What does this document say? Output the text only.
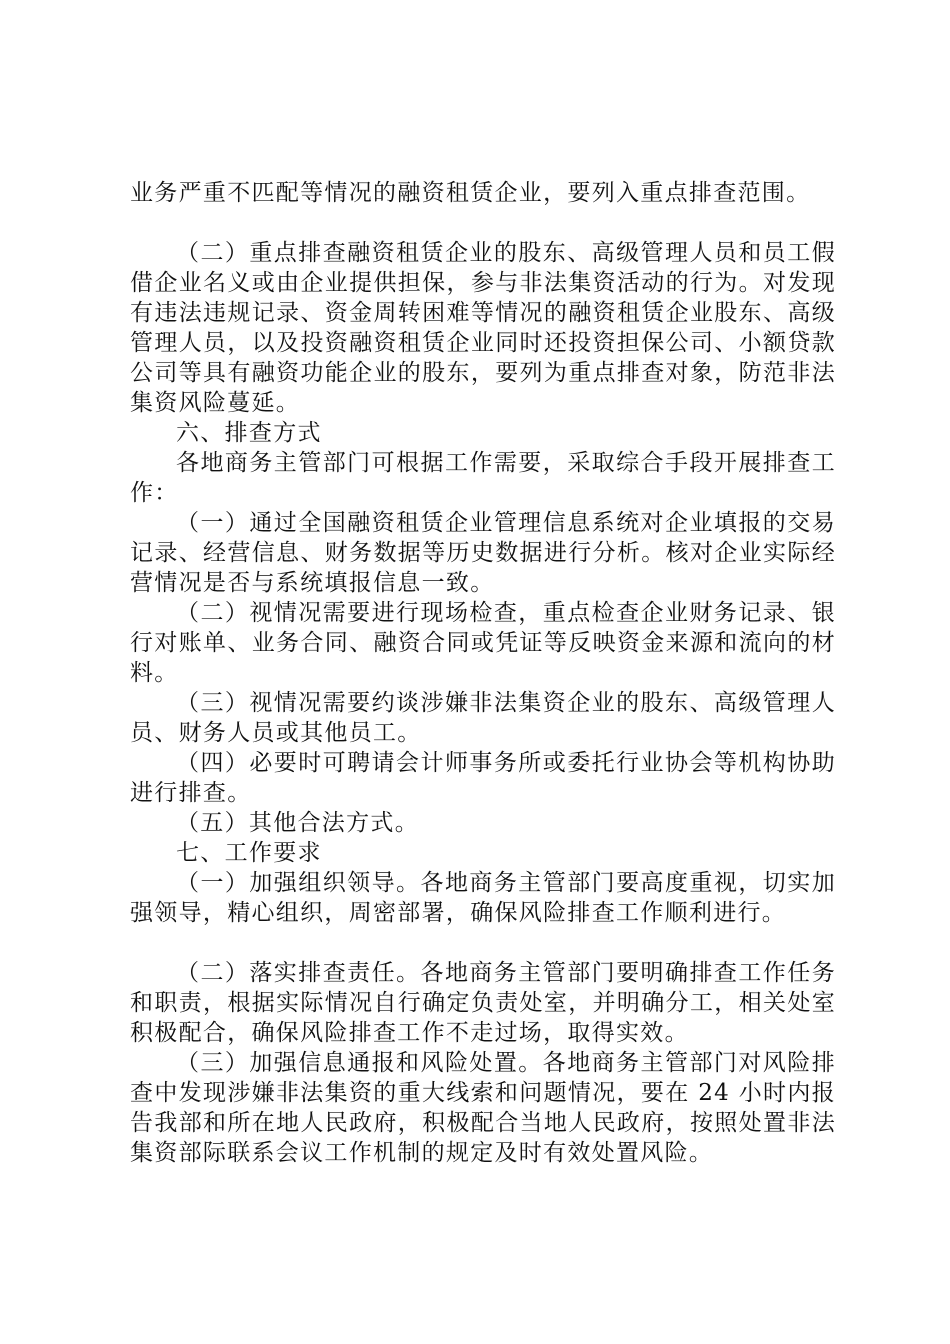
业务严重不匹配等情况的融资租赁企业，要列入重点排查范围。

（二）重点排查融资租赁企业的股东、高级管理人员和员工假借企业名义或由企业提供担保，参与非法集资活动的行为。对发现有违法违规记录、资金周转困难等情况的融资租赁企业股东、高级管理人员，以及投资融资租赁企业同时还投资担保公司、小额贷款公司等具有融资功能企业的股东，要列为重点排查对象，防范非法集资风险蔓延。

六、排查方式

各地商务主管部门可根据工作需要，采取综合手段开展排查工作：

（一）通过全国融资租赁企业管理信息系统对企业填报的交易记录、经营信息、财务数据等历史数据进行分析。核对企业实际经营情况是否与系统填报信息一致。

（二）视情况需要进行现场检查，重点检查企业财务记录、银行对账单、业务合同、融资合同或凭证等反映资金来源和流向的材料。

（三）视情况需要约谈涉嫌非法集资企业的股东、高级管理人员、财务人员或其他员工。

（四）必要时可聘请会计师事务所或委托行业协会等机构协助进行排查。

（五）其他合法方式。

七、工作要求

（一）加强组织领导。各地商务主管部门要高度重视，切实加强领导，精心组织，周密部署，确保风险排查工作顺利进行。

（二）落实排查责任。各地商务主管部门要明确排查工作任务和职责，根据实际情况自行确定负责处室，并明确分工，相关处室积极配合，确保风险排查工作不走过场，取得实效。

（三）加强信息通报和风险处置。各地商务主管部门对风险排查中发现涉嫌非法集资的重大线索和问题情况，要在 24 小时内报告我部和所在地人民政府，积极配合当地人民政府，按照处置非法集资部际联系会议工作机制的规定及时有效处置风险。
